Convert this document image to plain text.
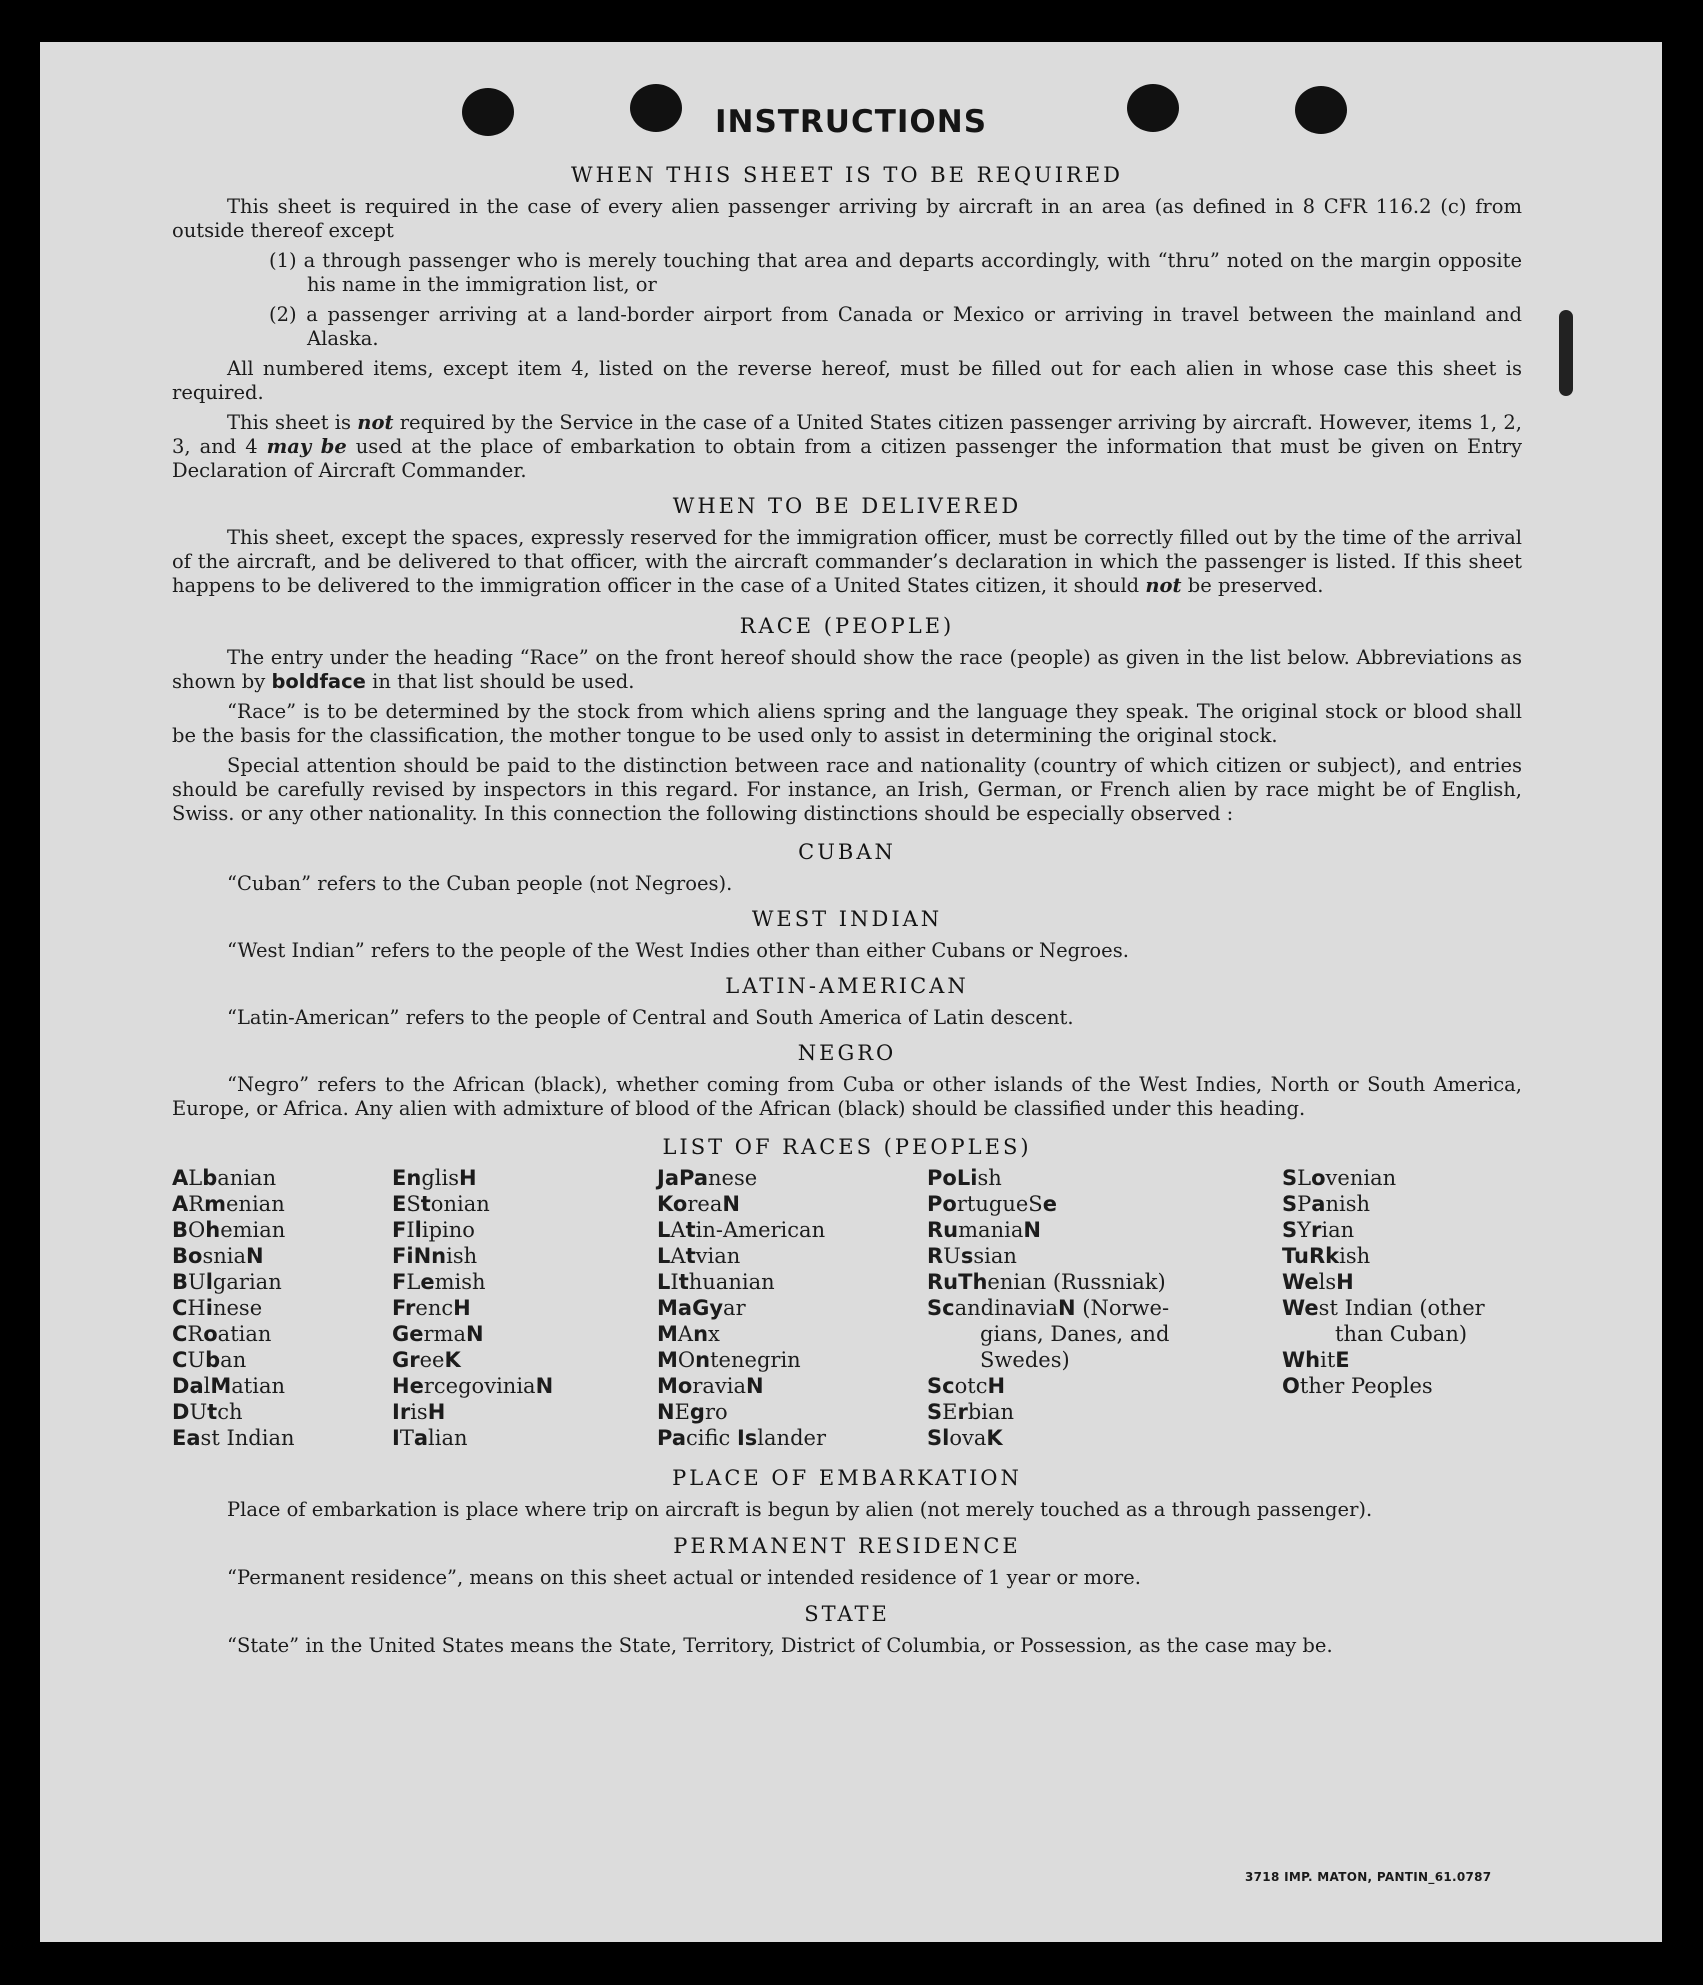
INSTRUCTIONS
WHEN THIS SHEET IS TO BE REQUIRED
This sheet is required in the case of every alien passenger arriving by aircraft in an area (as defined in 8 CFR 116.2 (c) from outside thereof except
(1) a through passenger who is merely touching that area and departs accordingly, with “thru” noted on the margin opposite his name in the immigration list, or
(2) a passenger arriving at a land-border airport from Canada or Mexico or arriving in travel between the mainland and Alaska.
All numbered items, except item 4, listed on the reverse hereof, must be filled out for each alien in whose case this sheet is required.
This sheet is not required by the Service in the case of a United States citizen passenger arriving by aircraft. However, items 1, 2, 3, and 4 may be used at the place of embarkation to obtain from a citizen passenger the information that must be given on Entry Declaration of Aircraft Commander.
WHEN TO BE DELIVERED
This sheet, except the spaces, expressly reserved for the immigration officer, must be correctly filled out by the time of the arrival of the aircraft, and be delivered to that officer, with the aircraft commander’s declaration in which the passenger is listed. If this sheet happens to be delivered to the immigration officer in the case of a United States citizen, it should not be preserved.
RACE (PEOPLE)
The entry under the heading “Race” on the front hereof should show the race (people) as given in the list below. Abbreviations as shown by boldface in that list should be used.
“Race” is to be determined by the stock from which aliens spring and the language they speak. The original stock or blood shall be the basis for the classification, the mother tongue to be used only to assist in determining the original stock.
Special attention should be paid to the distinction between race and nationality (country of which citizen or subject), and entries should be carefully revised by inspectors in this regard. For instance, an Irish, German, or French alien by race might be of English, Swiss. or any other nationality. In this connection the following distinctions should be especially observed :
CUBAN
“Cuban” refers to the Cuban people (not Negroes).
WEST INDIAN
“West Indian” refers to the people of the West Indies other than either Cubans or Negroes.
LATIN-AMERICAN
“Latin-American” refers to the people of Central and South America of Latin descent.
NEGRO
“Negro” refers to the African (black), whether coming from Cuba or other islands of the West Indies, North or South America, Europe, or Africa. Any alien with admixture of blood of the African (black) should be classified under this heading.
LIST OF RACES (PEOPLES)
ALbanian
ARmenian
BOhemian
BosniaN
BUlgarian
CHinese
CRoatian
CUban
DalMatian
DUtch
East Indian
EnglisH
EStonian
FIlipino
FiNnish
FLemish
FrencH
GermaN
GreeK
HercegoviniaN
IrisH
ITalian
JaPanese
KoreaN
LAtin-American
LAtvian
LIthuanian
MaGyar
MAnx
MOntenegrin
MoraviaN
NEgro
Pacifc Islander
PoLish
PortugueSe
RumaniaN
RUssian
RuThenian (Russniak)
ScandinaviaN (Norwe-
gians, Danes, and
Swedes)
ScotcH
SErbian
SlovaK
SLovenian
SPanish
SYrian
TuRkish
WelsH
West Indian (other
than Cuban)
WhitE
Other Peoples
PLACE OF EMBARKATION
Place of embarkation is place where trip on aircraft is begun by alien (not merely touched as a through passenger).
PERMANENT RESIDENCE
“Permanent residence”, means on this sheet actual or intended residence of 1 year or more.
STATE
“State” in the United States means the State, Territory, District of Columbia, or Possession, as the case may be.
3718 IMP. MATON, PANTIN_61.0787
